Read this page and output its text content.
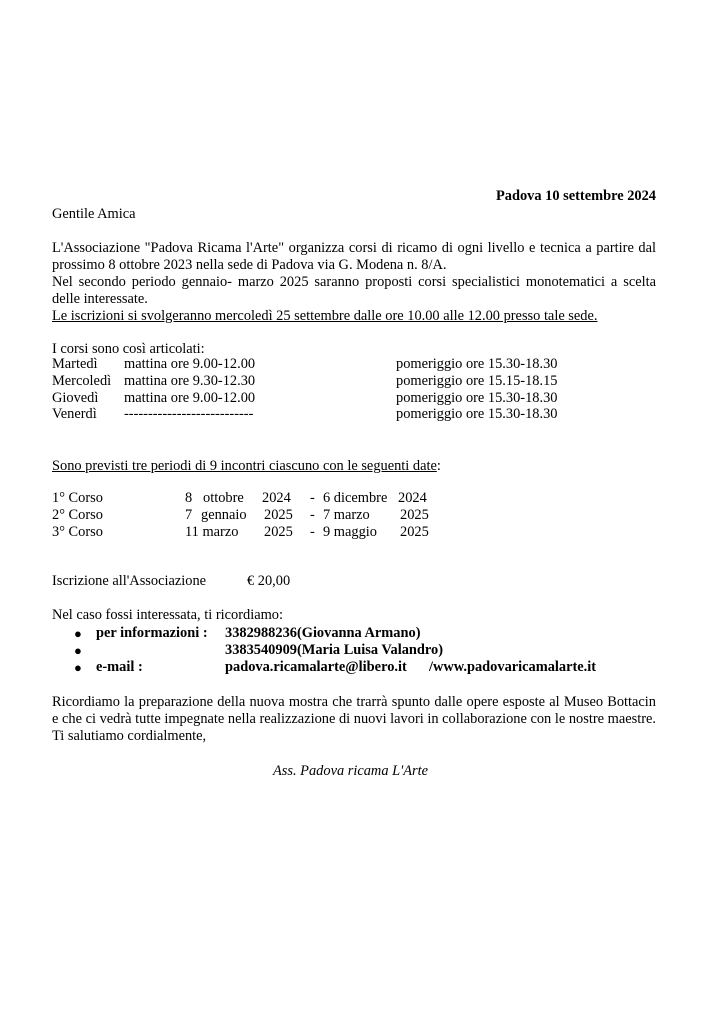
Padova 10 settembre 2024
Gentile Amica
L'Associazione "Padova Ricama l'Arte" organizza corsi di ricamo di ogni livello e tecnica a partire dal
prossimo 8 ottobre 2023 nella sede di Padova via G. Modena n. 8/A.
Nel secondo periodo gennaio- marzo 2025 saranno proposti corsi specialistici monotematici a scelta
delle interessate.
Le iscrizioni si svolgeranno mercoledì 25 settembre dalle ore 10.00 alle 12.00 presso tale sede.
I corsi sono così articolati:
Martedì mattina ore 9.00-12.00	pomeriggio ore 15.30-18.30
Mercoledì mattina ore 9.30-12.30	pomeriggio ore 15.15-18.15
Giovedì mattina ore 9.00-12.00	pomeriggio ore 15.30-18.30
Venerdì ---------------------------	pomeriggio ore 15.30-18.30
Sono previsti tre periodi di 9 incontri ciascuno con le seguenti date:
1° Corso	8 ottobre 2024 - 6 dicembre 2024
2° Corso	7 gennaio 2025 - 7 marzo 2025
3° Corso	11 marzo 2025 - 9 maggio 2025
Iscrizione all'Associazione	€ 20,00
Nel caso fossi interessata, ti ricordiamo:
● per informazioni : 3382988236(Giovanna Armano)
●	3383540909(Maria Luisa Valandro)
● e-mail :	padova.ricamalarte@libero.it /www.padovaricamalarte.it
Ricordiamo la preparazione della nuova mostra che trarrà spunto dalle opere esposte al Museo Bottacin
e che ci vedrà tutte impegnate nella realizzazione di nuovi lavori in collaborazione con le nostre maestre.
Ti salutiamo cordialmente,
Ass. Padova ricama L'Arte
